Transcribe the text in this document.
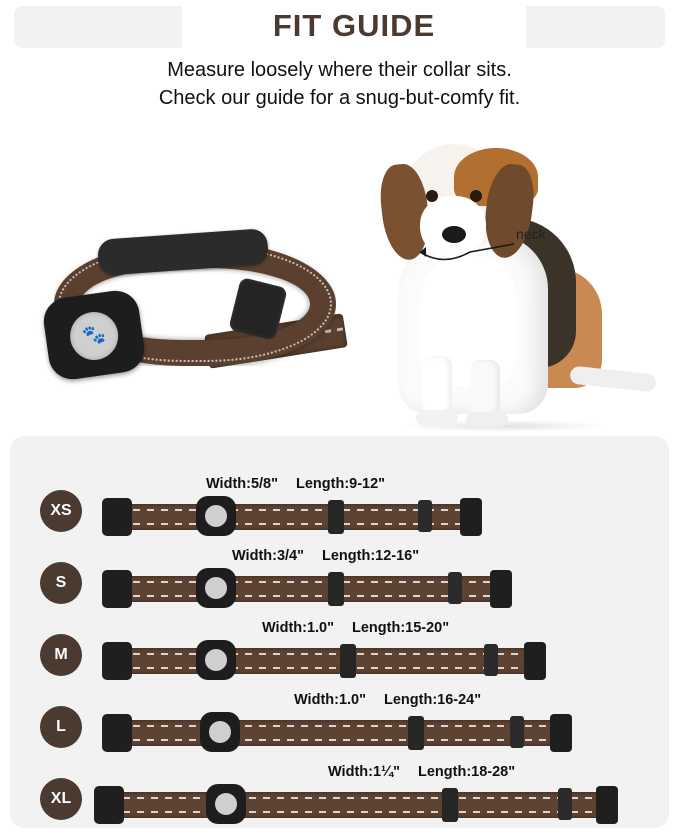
FIT GUIDE
Measure loosely where their collar sits.
Check our guide for a snug-but-comfy fit.
🐾
neck
XS
Width:5/8" Length:9-12"
S
Width:3/4" Length:12-16"
M
Width:1.0" Length:15-20"
L
Width:1.0" Length:16-24"
XL
Width:1¼" Length:18-28"
